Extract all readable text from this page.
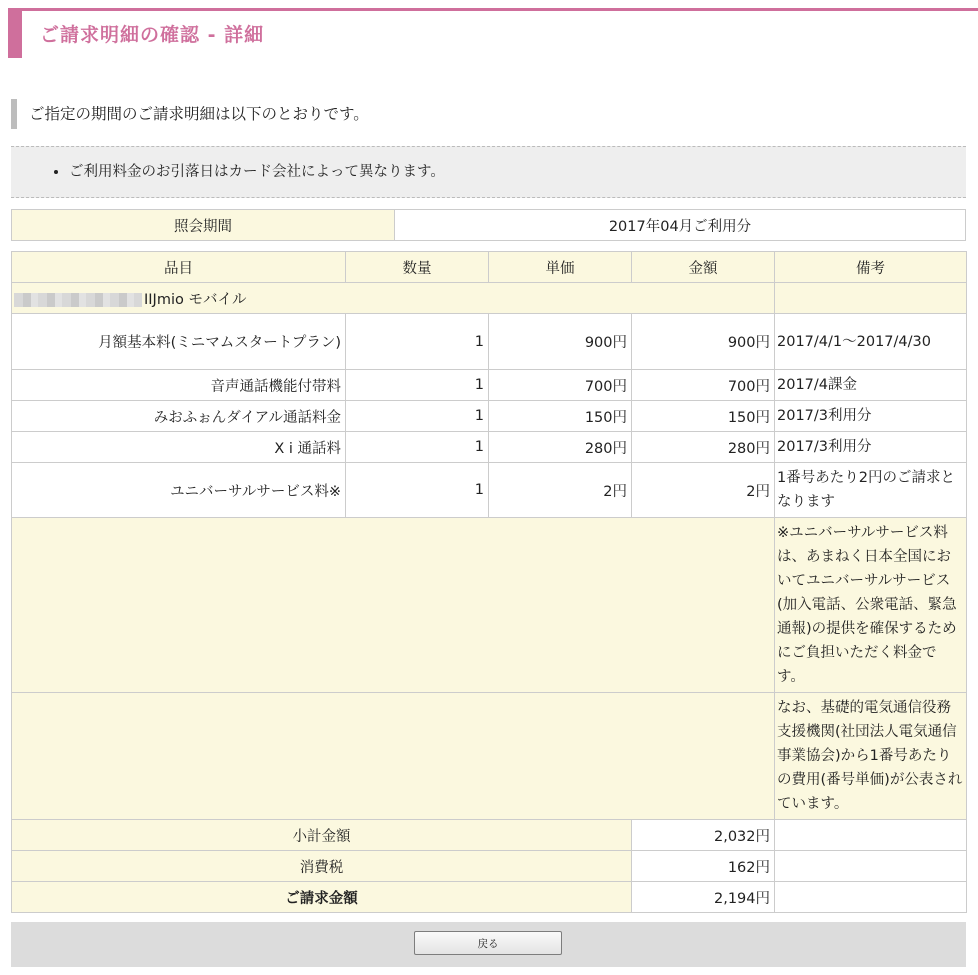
ご請求明細の確認 - 詳細
ご指定の期間のご請求明細は以下のとおりです。
• ご利用料金のお引落日はカード会社によって異なります。
照会期間	2017年04月ご利用分
品目	数量	単価	金額	備考
IIJmio モバイル				
月額基本料(ミニマムスタートプラン)	1	900円	900円	2017/4/1〜2017/4/30
音声通話機能付帯料	1	700円	700円	2017/4課金
みおふぉんダイアル通話料金	1	150円	150円	2017/3利用分
X i 通話料	1	280円	280円	2017/3利用分
ユニバーサルサービス料※	1	2円	2円	1番号あたり2円のご請求となります
				※ユニバーサルサービス料は、あまねく日本全国においてユニバーサルサービス(加入電話、公衆電話、緊急通報)の提供を確保するためにご負担いただく料金です。
				なお、基礎的電気通信役務支援機関(社団法人電気通信事業協会)から1番号あたりの費用(番号単価)が公表されています。
小計金額			2,032円	
消費税			162円	
ご請求金額			2,194円	
戻る
